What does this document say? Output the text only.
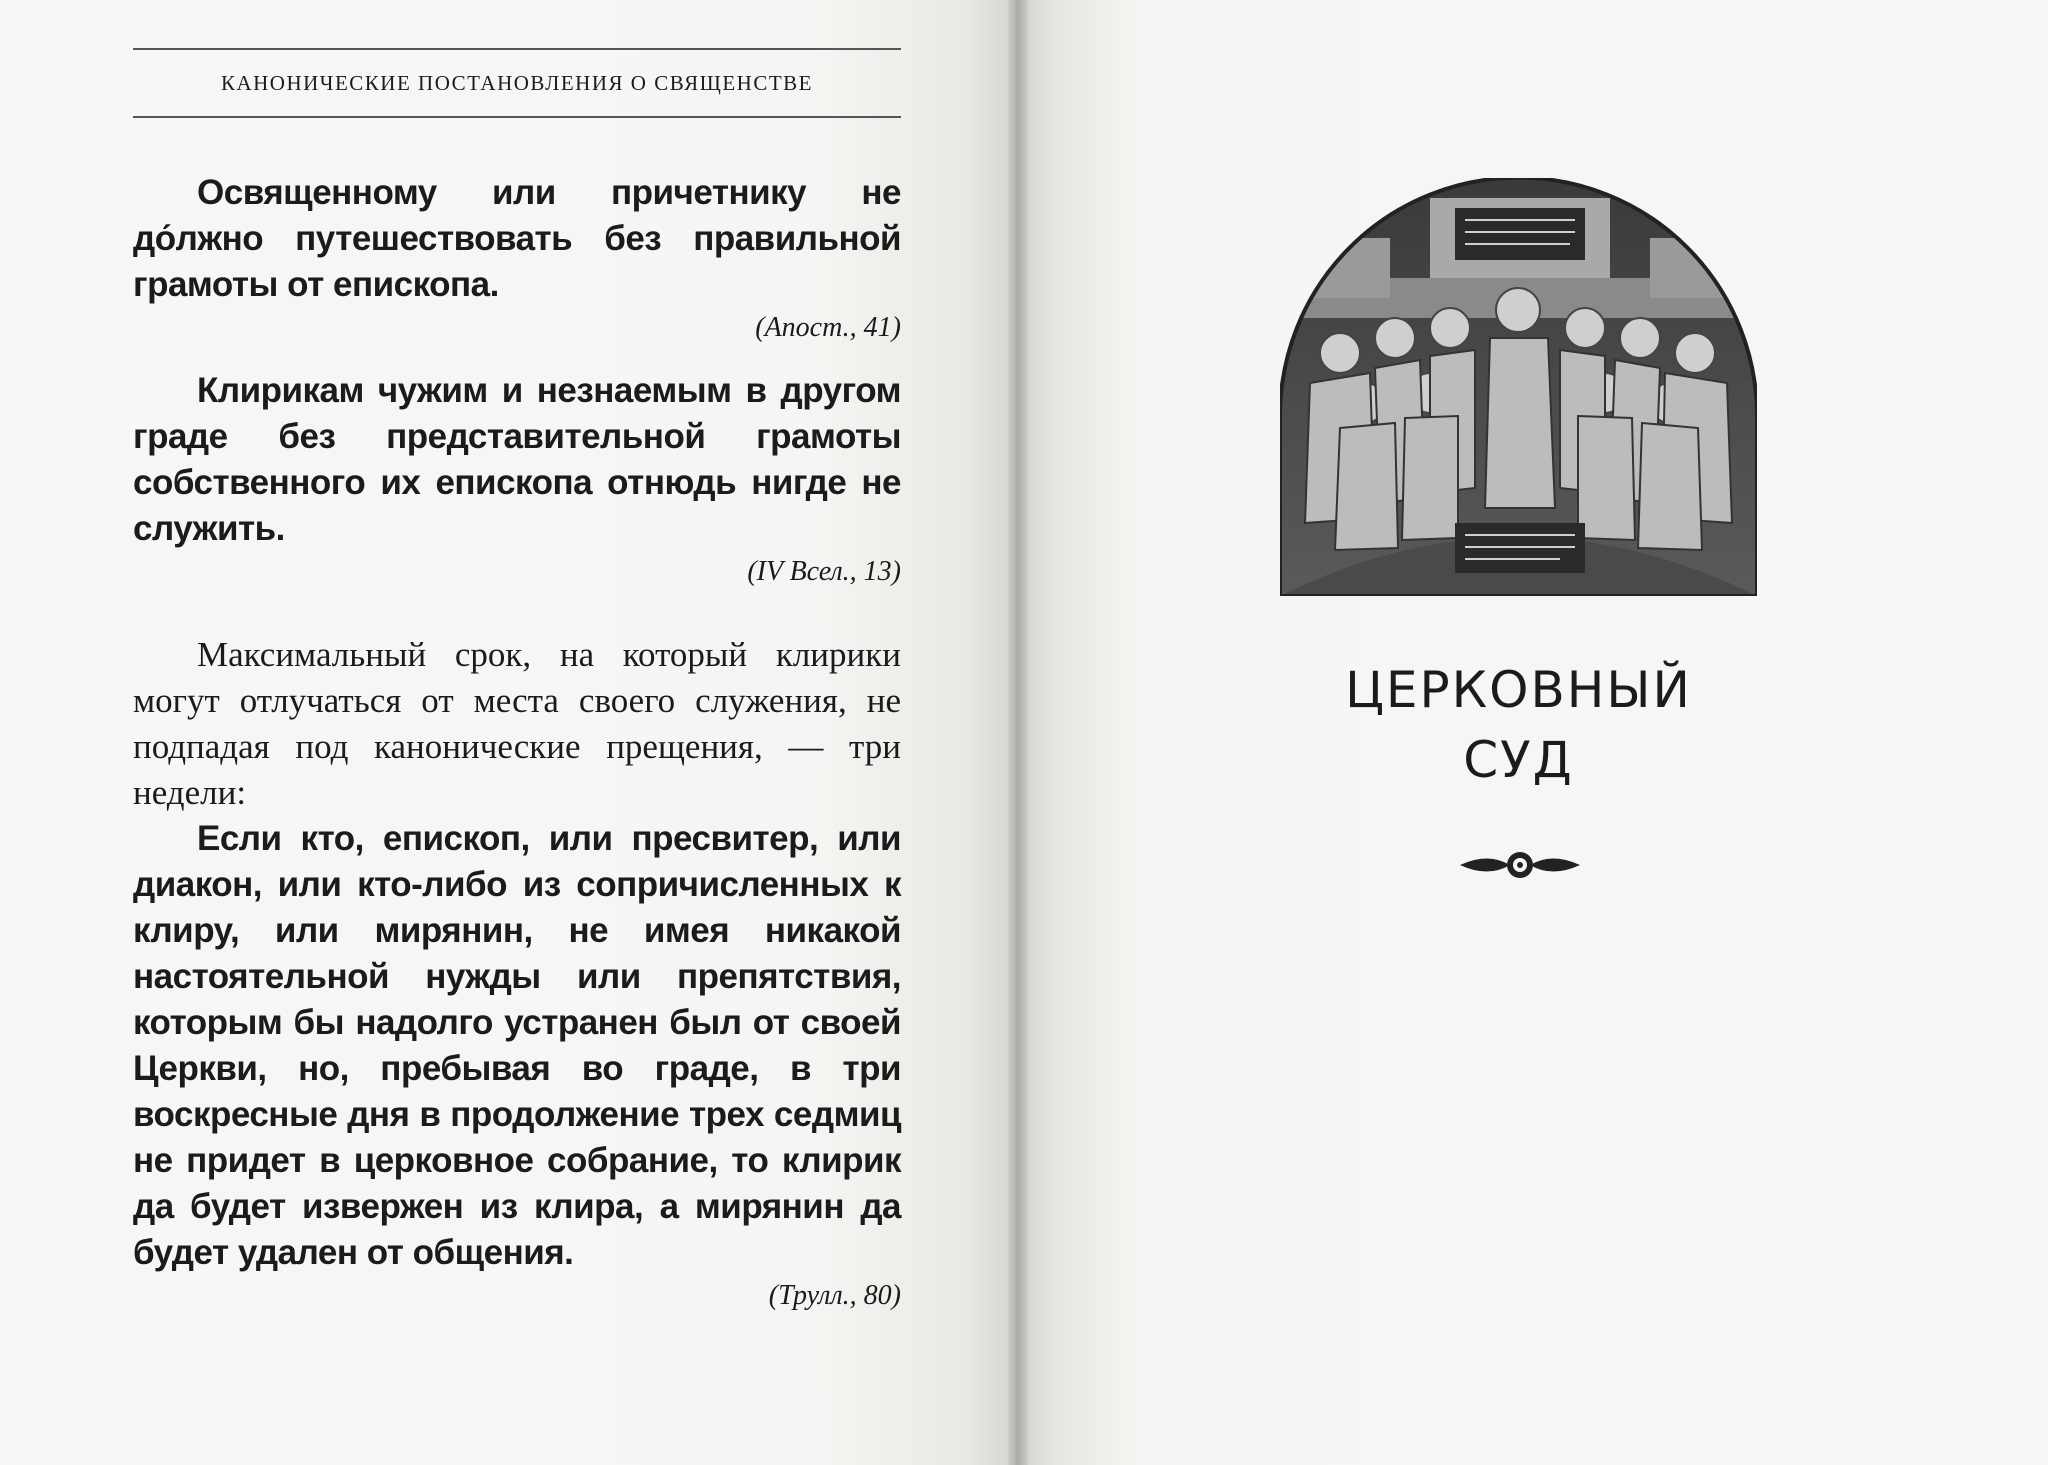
КАНОНИЧЕСКИЕ ПОСТАНОВЛЕНИЯ О СВЯЩЕНСТВЕ

Освященному или причетнику не до́лжно путешествовать без правильной грамоты от епископа.

(Апост., 41)

Клирикам чужим и незнаемым в другом граде без представительной грамоты собственного их епископа отнюдь нигде не служить.

(IV Всел., 13)

Максимальный срок, на который клирики могут отлучаться от места своего служения, не подпадая под канонические прещения, — три недели:

Если кто, епископ, или пресвитер, или диакон, или кто-либо из сопричисленных к клиру, или мирянин, не имея никакой настоятельной нужды или препятствия, которым бы надолго устранен был от своей Церкви, но, пребывая во граде, в три воскресные дня в продолжение трех седмиц не придет в церковное собрание, то клирик да будет извержен из клира, а мирянин да будет удален от общения.

(Трулл., 80)

ЦЕРКОВНЫЙ
СУД
